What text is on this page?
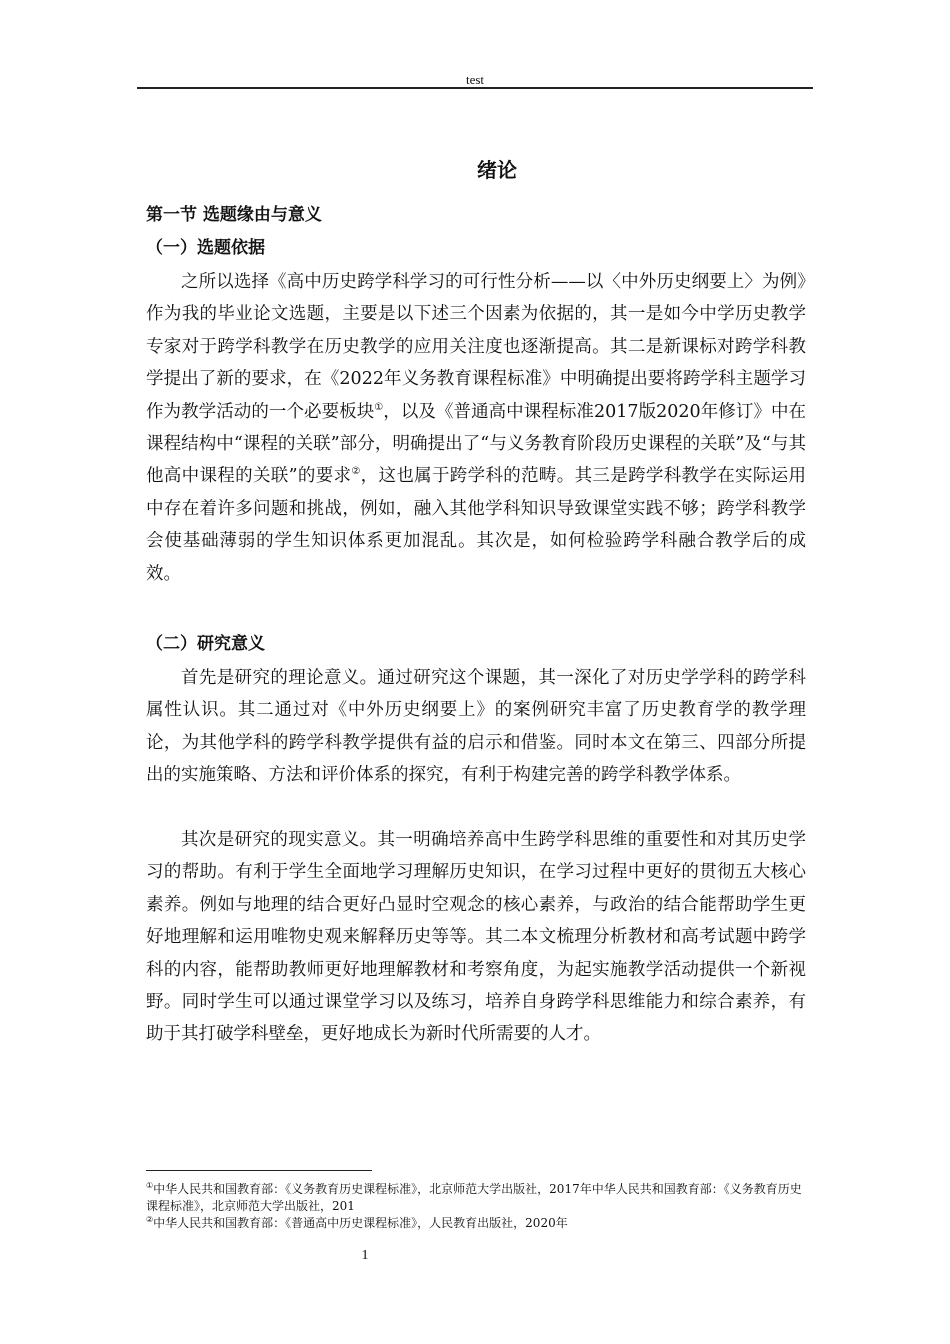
test
绪论
第一节 选题缘由与意义
（一）选题依据

之所以选择《高中历史跨学科学习的可行性分析——以〈中外历史纲要上〉为例》作为我的毕业论文选题，主要是以下述三个因素为依据的，其一是如今中学历史教学专家对于跨学科教学在历史教学的应用关注度也逐渐提高。其二是新课标对跨学科教学提出了新的要求，在《2022年义务教育课程标准》中明确提出要将跨学科主题学习作为教学活动的一个必要板块①，以及《普通高中课程标准2017版2020年修订》中在课程结构中“课程的关联”部分，明确提出了“与义务教育阶段历史课程的关联”及“与其他高中课程的关联”的要求②，这也属于跨学科的范畴。其三是跨学科教学在实际运用中存在着许多问题和挑战，例如，融入其他学科知识导致课堂实践不够；跨学科教学会使基础薄弱的学生知识体系更加混乱。其次是，如何检验跨学科融合教学后的成效。

（二）研究意义

首先是研究的理论意义。通过研究这个课题，其一深化了对历史学学科的跨学科属性认识。其二通过对《中外历史纲要上》的案例研究丰富了历史教育学的教学理论，为其他学科的跨学科教学提供有益的启示和借鉴。同时本文在第三、四部分所提出的实施策略、方法和评价体系的探究，有利于构建完善的跨学科教学体系。

其次是研究的现实意义。其一明确培养高中生跨学科思维的重要性和对其历史学习的帮助。有利于学生全面地学习理解历史知识，在学习过程中更好的贯彻五大核心素养。例如与地理的结合更好凸显时空观念的核心素养，与政治的结合能帮助学生更好地理解和运用唯物史观来解释历史等等。其二本文梳理分析教材和高考试题中跨学科的内容，能帮助教师更好地理解教材和考察角度，为起实施教学活动提供一个新视野。同时学生可以通过课堂学习以及练习，培养自身跨学科思维能力和综合素养，有助于其打破学科壁垒，更好地成长为新时代所需要的人才。

①中华人民共和国教育部：《义务教育历史课程标准》，北京师范大学出版社，2017年中华人民共和国教育部：《义务教育历史课程标准》，北京师范大学出版社，201

②中华人民共和国教育部：《普通高中历史课程标准》，人民教育出版社，2020年

1
